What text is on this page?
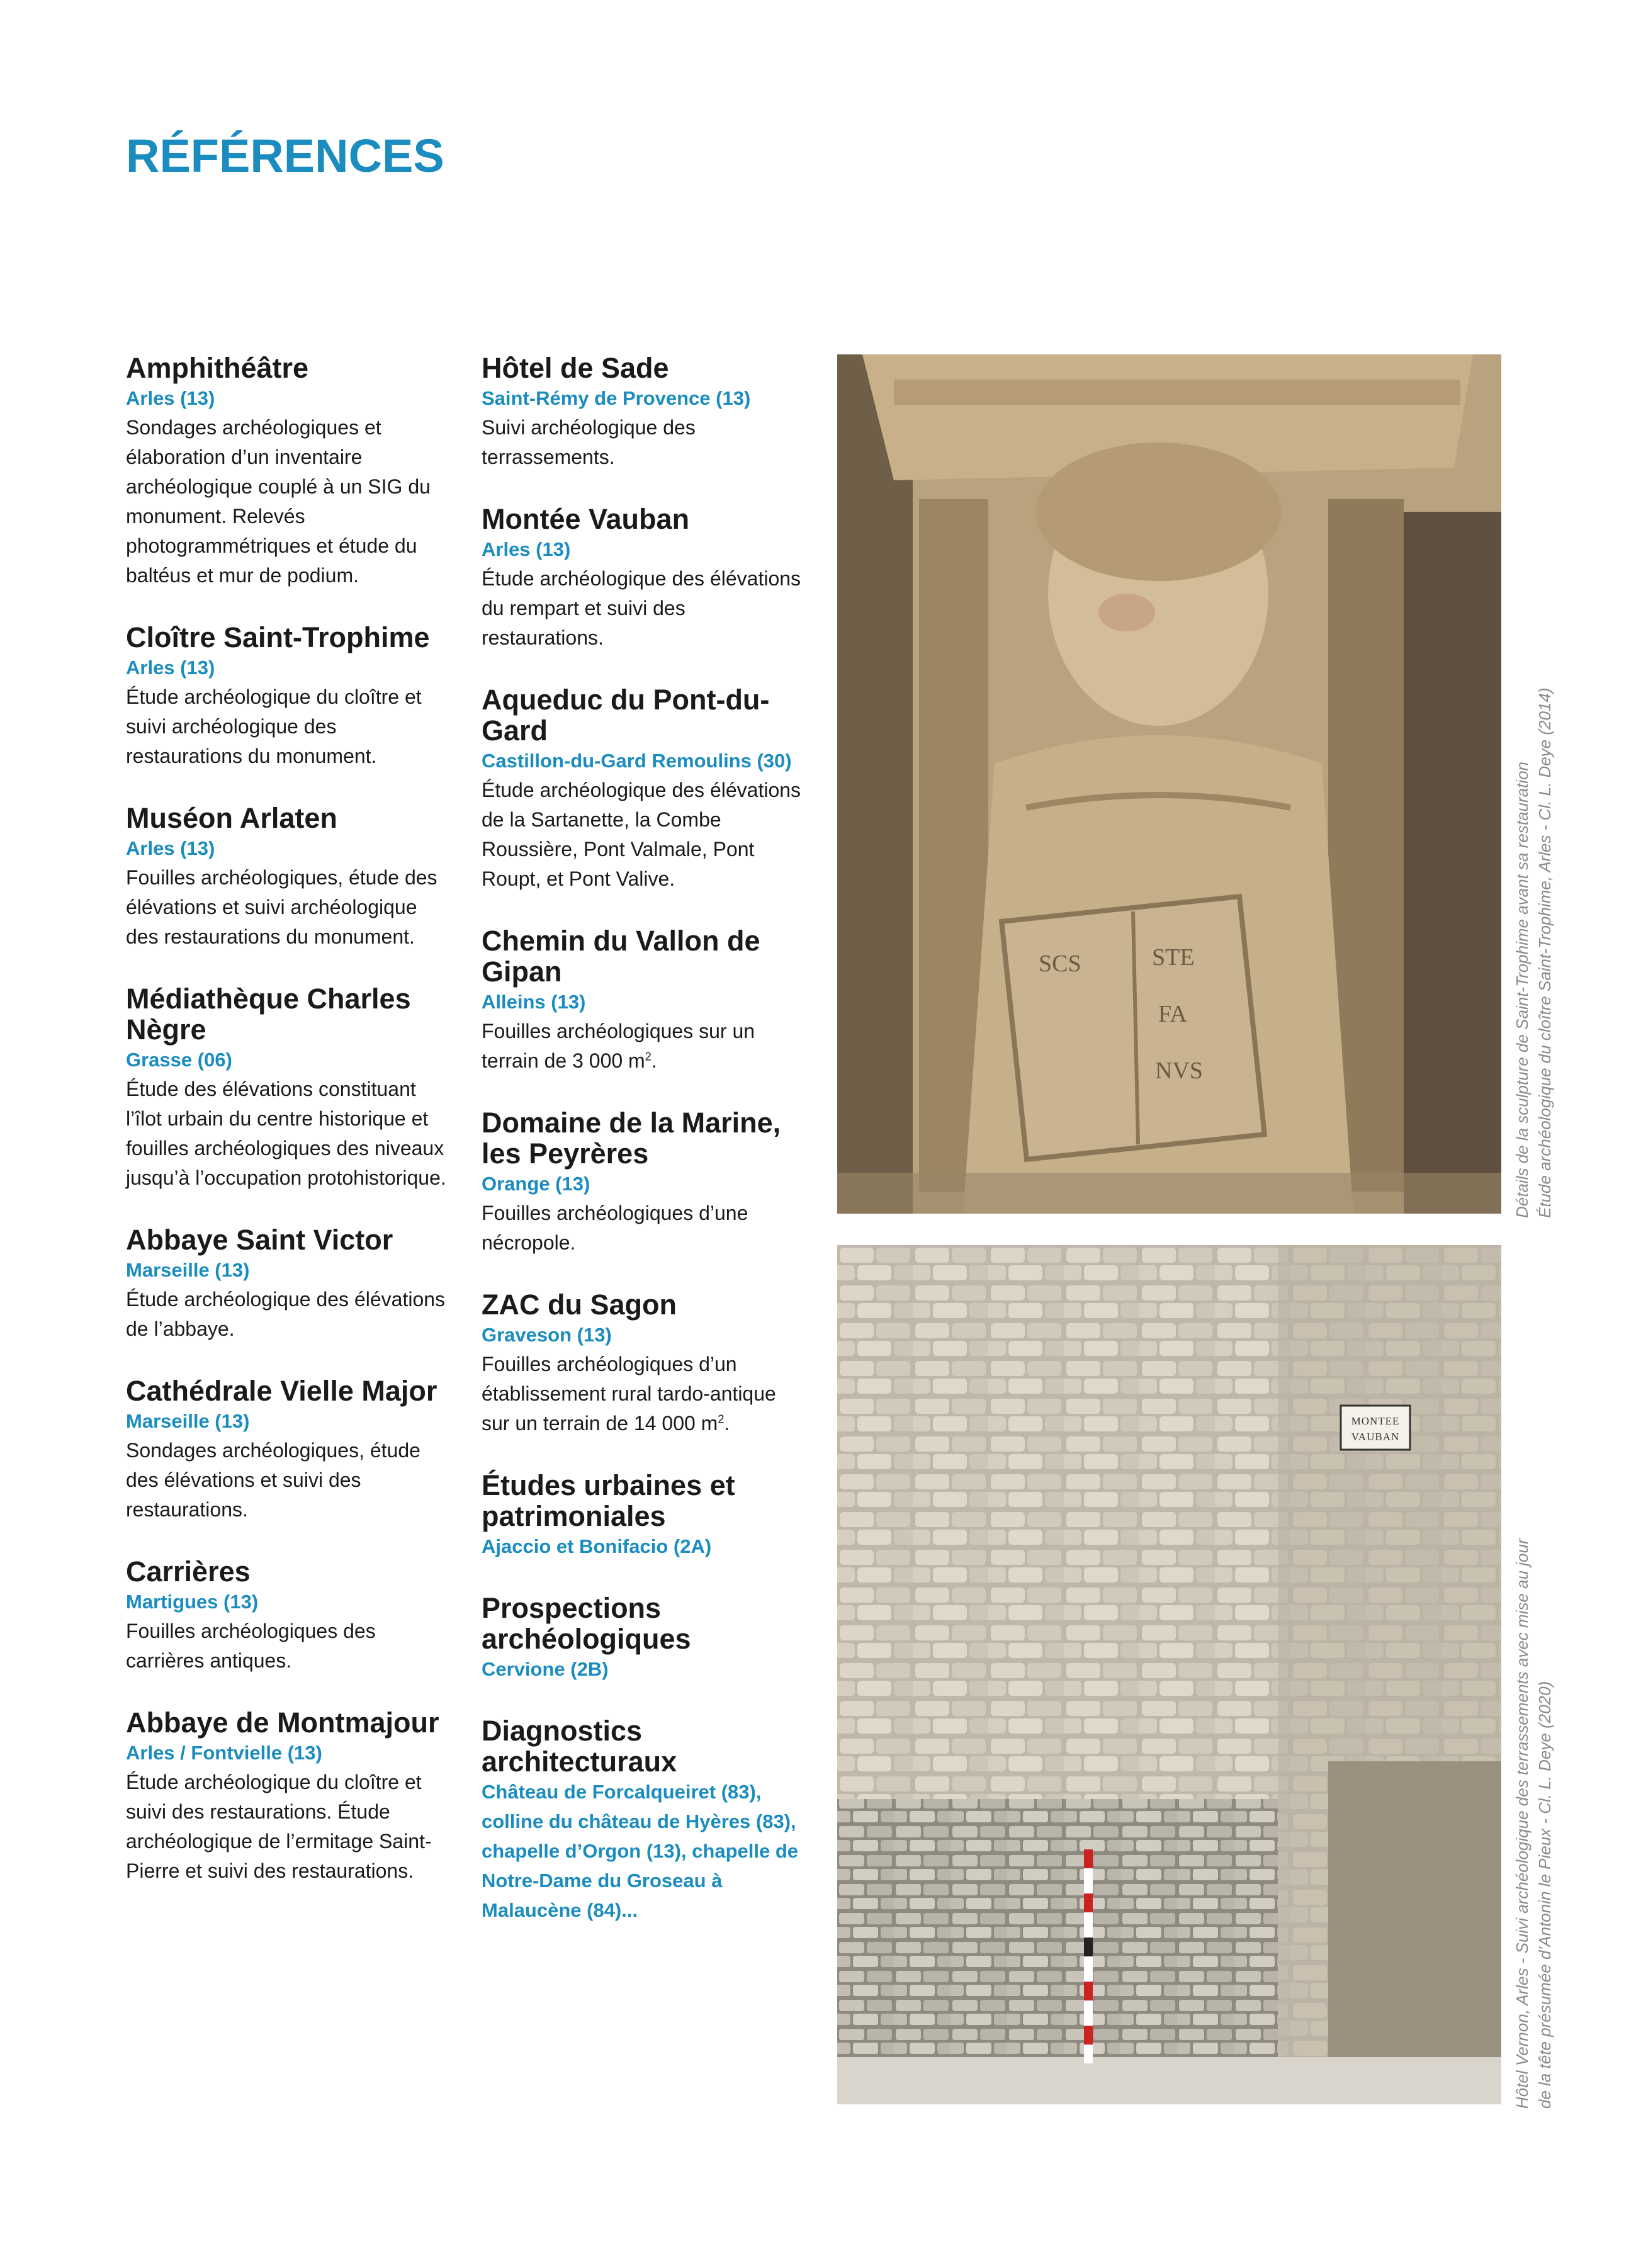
RÉFÉRENCES

Amphithéâtre

Arles (13)

Sondages archéologiques et élaboration d’un inventaire archéologique couplé à un SIG du monument. Relevés photogrammétriques et étude du baltéus et mur de podium.

Cloître Saint-Trophime

Arles (13)

Étude archéologique du cloître et suivi archéologique des restaurations du monument.

Muséon Arlaten

Arles (13)

Fouilles archéologiques, étude des élévations et suivi archéologique des restaurations du monument.

Médiathèque Charles Nègre

Grasse (06)

Étude des élévations constituant l’îlot urbain du centre historique et fouilles archéologiques des niveaux jusqu’à l’occupation protohistorique.

Abbaye Saint Victor

Marseille (13)

Étude archéologique des élévations de l’abbaye.

Cathédrale Vielle Major

Marseille (13)

Sondages archéologiques, étude des élévations et suivi des restaurations.

Carrières

Martigues (13)

Fouilles archéologiques des carrières antiques.

Abbaye de Montmajour

Arles / Fontvielle (13)

Étude archéologique du cloître et suivi des restaurations. Étude archéologique de l’ermitage Saint-Pierre et suivi des restaurations.

Hôtel de Sade

Saint-Rémy de Provence (13)

Suivi archéologique des terrassements.

Montée Vauban

Arles (13)

Étude archéologique des élévations du rempart et suivi des restaurations.

Aqueduc du Pont-du-Gard

Castillon-du-Gard Remoulins (30)

Étude archéologique des élévations de la Sartanette, la Combe Roussière, Pont Valmale, Pont Roupt, et Pont Valive.

Chemin du Vallon de Gipan

Alleins (13)

Fouilles archéologiques sur un terrain de 3 000 $m^2$.

Domaine de la Marine, les Peyrères

Orange (13)

Fouilles archéologiques d’une nécropole.

ZAC du Sagon

Graveson (13)

Fouilles archéologiques d’un établissement rural tardo-antique sur un terrain de 14 000 $m^2$.

Études urbaines et patrimoniales

Ajaccio et Bonifacio (2A)

Prospections archéologiques

Cervione (2B)

Diagnostics architecturaux

Château de Forcalqueiret (83), colline du château de Hyères (83), chapelle d’Orgon (13), chapelle de Notre-Dame du Groseau à Malaucène (84)...

SCS	STE
FA
NVS
MONTEE
VAUBAN
Détails de la sculpture de Saint-Trophime avant sa restauration Étude archéologique du cloître Saint-Trophime, Arles - Cl. L. Deye (2014)
Hôtel Vernon, Arles - Suivi archéologique des terrassements avec mise au jour de la tête présumée d’Antonin le Pieux - Cl. L. Deye (2020)
